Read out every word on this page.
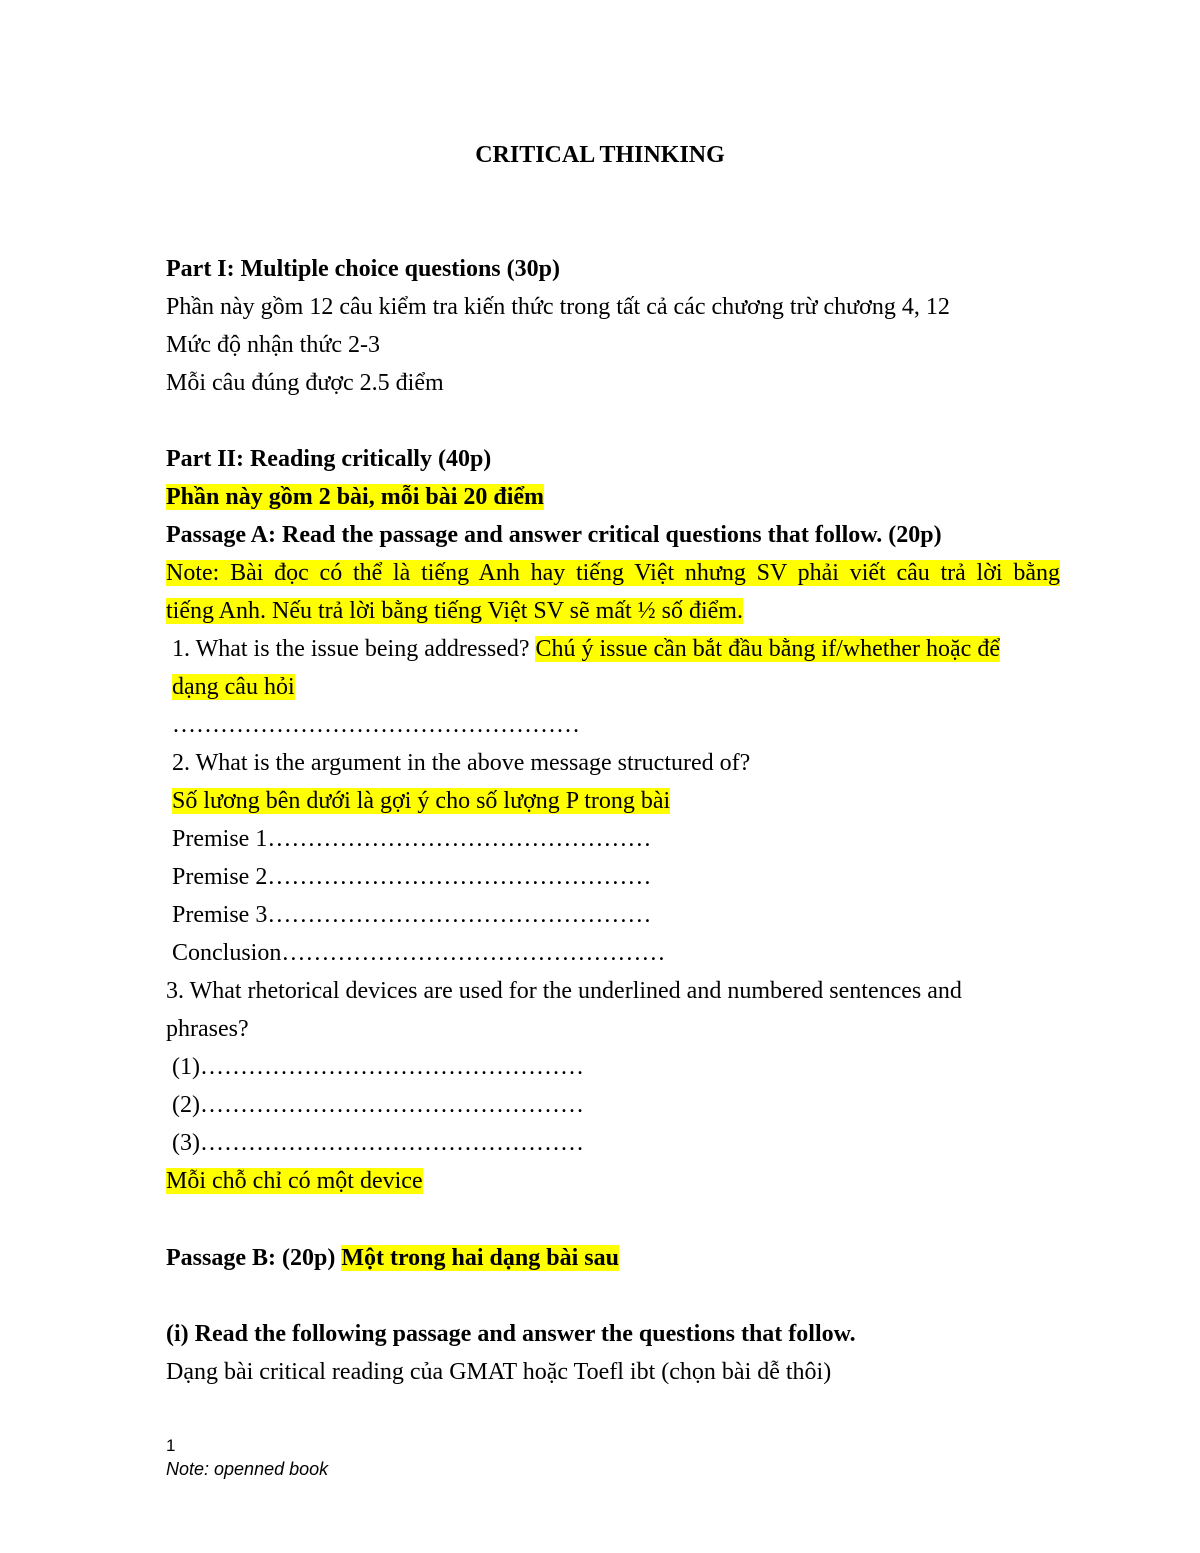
CRITICAL THINKING
Part I: Multiple choice questions (30p)
Phần này gồm 12 câu kiểm tra kiến thức trong tất cả các chương trừ chương 4, 12
Mức độ nhận thức 2-3
Mỗi câu đúng được 2.5 điểm
Part II: Reading critically (40p)
Phần này gồm 2 bài, mỗi bài 20 điểm
Passage A: Read the passage and answer critical questions that follow. (20p)
Note: Bài đọc có thể là tiếng Anh hay tiếng Việt nhưng SV phải viết câu trả lời bằng
tiếng Anh. Nếu trả lời bằng tiếng Việt SV sẽ mất ½ số điểm.
1. What is the issue being addressed? Chú ý issue cần bắt đầu bằng if/whether hoặc để
dạng câu hỏi
……………………………………………
2. What is the argument in the above message structured of?
Số lương bên dưới là gợi ý cho số lượng P trong bài
Premise 1…………………………………………
Premise 2…………………………………………
Premise 3…………………………………………
Conclusion…………………………………………
3. What rhetorical devices are used for the underlined and numbered sentences and
phrases?
(1)…………………………………………
(2)…………………………………………
(3)…………………………………………
Mỗi chỗ chỉ có một device
Passage B: (20p) Một trong hai dạng bài sau
(i) Read the following passage and answer the questions that follow.
Dạng bài critical reading của GMAT hoặc Toefl ibt (chọn bài dễ thôi)
1
Note: openned book
